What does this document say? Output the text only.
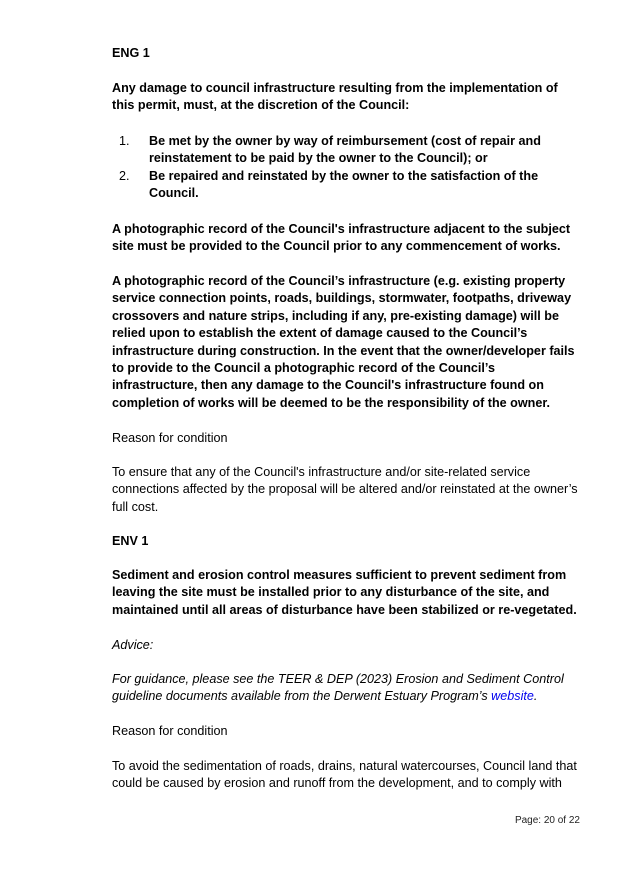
ENG 1

Any damage to council infrastructure resulting from the implementation of this permit, must, at the discretion of the Council:

1. Be met by the owner by way of reimbursement (cost of repair and reinstatement to be paid by the owner to the Council); or

2. Be repaired and reinstated by the owner to the satisfaction of the Council.

A photographic record of the Council's infrastructure adjacent to the subject site must be provided to the Council prior to any commencement of works.

A photographic record of the Council’s infrastructure (e.g. existing property service connection points, roads, buildings, stormwater, footpaths, driveway crossovers and nature strips, including if any, pre-existing damage) will be relied upon to establish the extent of damage caused to the Council’s infrastructure during construction. In the event that the owner/developer fails to provide to the Council a photographic record of the Council’s infrastructure, then any damage to the Council's infrastructure found on completion of works will be deemed to be the responsibility of the owner.

Reason for condition

To ensure that any of the Council's infrastructure and/or site-related service connections affected by the proposal will be altered and/or reinstated at the owner’s full cost.

ENV 1

Sediment and erosion control measures sufficient to prevent sediment from leaving the site must be installed prior to any disturbance of the site, and maintained until all areas of disturbance have been stabilized or re-vegetated.

Advice:

For guidance, please see the TEER & DEP (2023) Erosion and Sediment Control guideline documents available from the Derwent Estuary Program’s website.

Reason for condition

To avoid the sedimentation of roads, drains, natural watercourses, Council land that could be caused by erosion and runoff from the development, and to comply with

Page: 20 of 22
